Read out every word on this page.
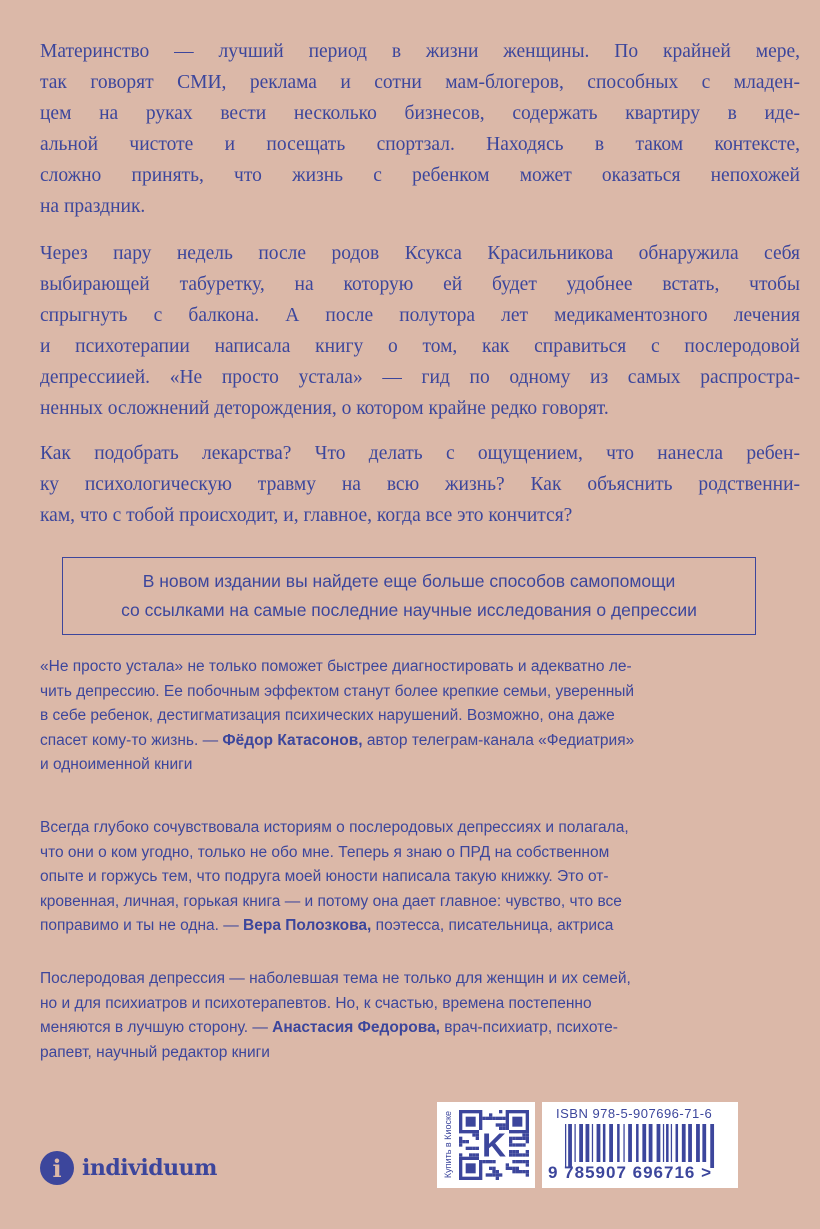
Материнство — лучший период в жизни женщины. По крайней мере,
так говорят СМИ, реклама и сотни мам-блогеров, способных с младен-
цем на руках вести несколько бизнесов, содержать квартиру в иде-
альной чистоте и посещать спортзал. Находясь в таком контексте,
сложно принять, что жизнь с ребенком может оказаться непохожей
на праздник.
Через пару недель после родов Ксукса Красильникова обнаружила себя
выбирающей табуретку, на которую ей будет удобнее встать, чтобы
спрыгнуть с балкона. А после полутора лет медикаментозного лечения
и психотерапии написала книгу о том, как справиться с послеродовой
депрессиией. «Не просто устала» — гид по одному из самых распростра-
ненных осложнений деторождения, о котором крайне редко говорят.
Как подобрать лекарства? Что делать с ощущением, что нанесла ребен-
ку психологическую травму на всю жизнь? Как объяснить родственни-
кам, что с тобой происходит, и, главное, когда все это кончится?
В новом издании вы найдете еще больше способов самопомощи
со ссылками на самые последние научные исследования о депрессии
«Не просто устала» не только поможет быстрее диагностировать и адекватно ле-
чить депрессию. Ее побочным эффектом станут более крепкие семьи, уверенный
в себе ребенок, дестигматизация психических нарушений. Возможно, она даже
спасет кому-то жизнь. — Фёдор Катасонов, автор телеграм-канала «Федиатрия»
и одноименной книги
Всегда глубоко сочувствовала историям о послеродовых депрессиях и полагала,
что они о ком угодно, только не обо мне. Теперь я знаю о ПРД на собственном
опыте и горжусь тем, что подруга моей юности написала такую книжку. Это от-
кровенная, личная, горькая книга — и потому она дает главное: чувство, что все
поправимо и ты не одна. — Вера Полозкова, поэтесса, писательница, актриса
Послеродовая депрессия — наболевшая тема не только для женщин и их семей,
но и для психиатров и психотерапевтов. Но, к счастью, времена постепенно
меняются в лучшую сторону. — Анастасия Федорова, врач-психиатр, психоте-
рапевт, научный редактор книги
i individuum	Купить в Киоске	K
ISBN 978-5-907696-71-6
9 785907 696716 >
